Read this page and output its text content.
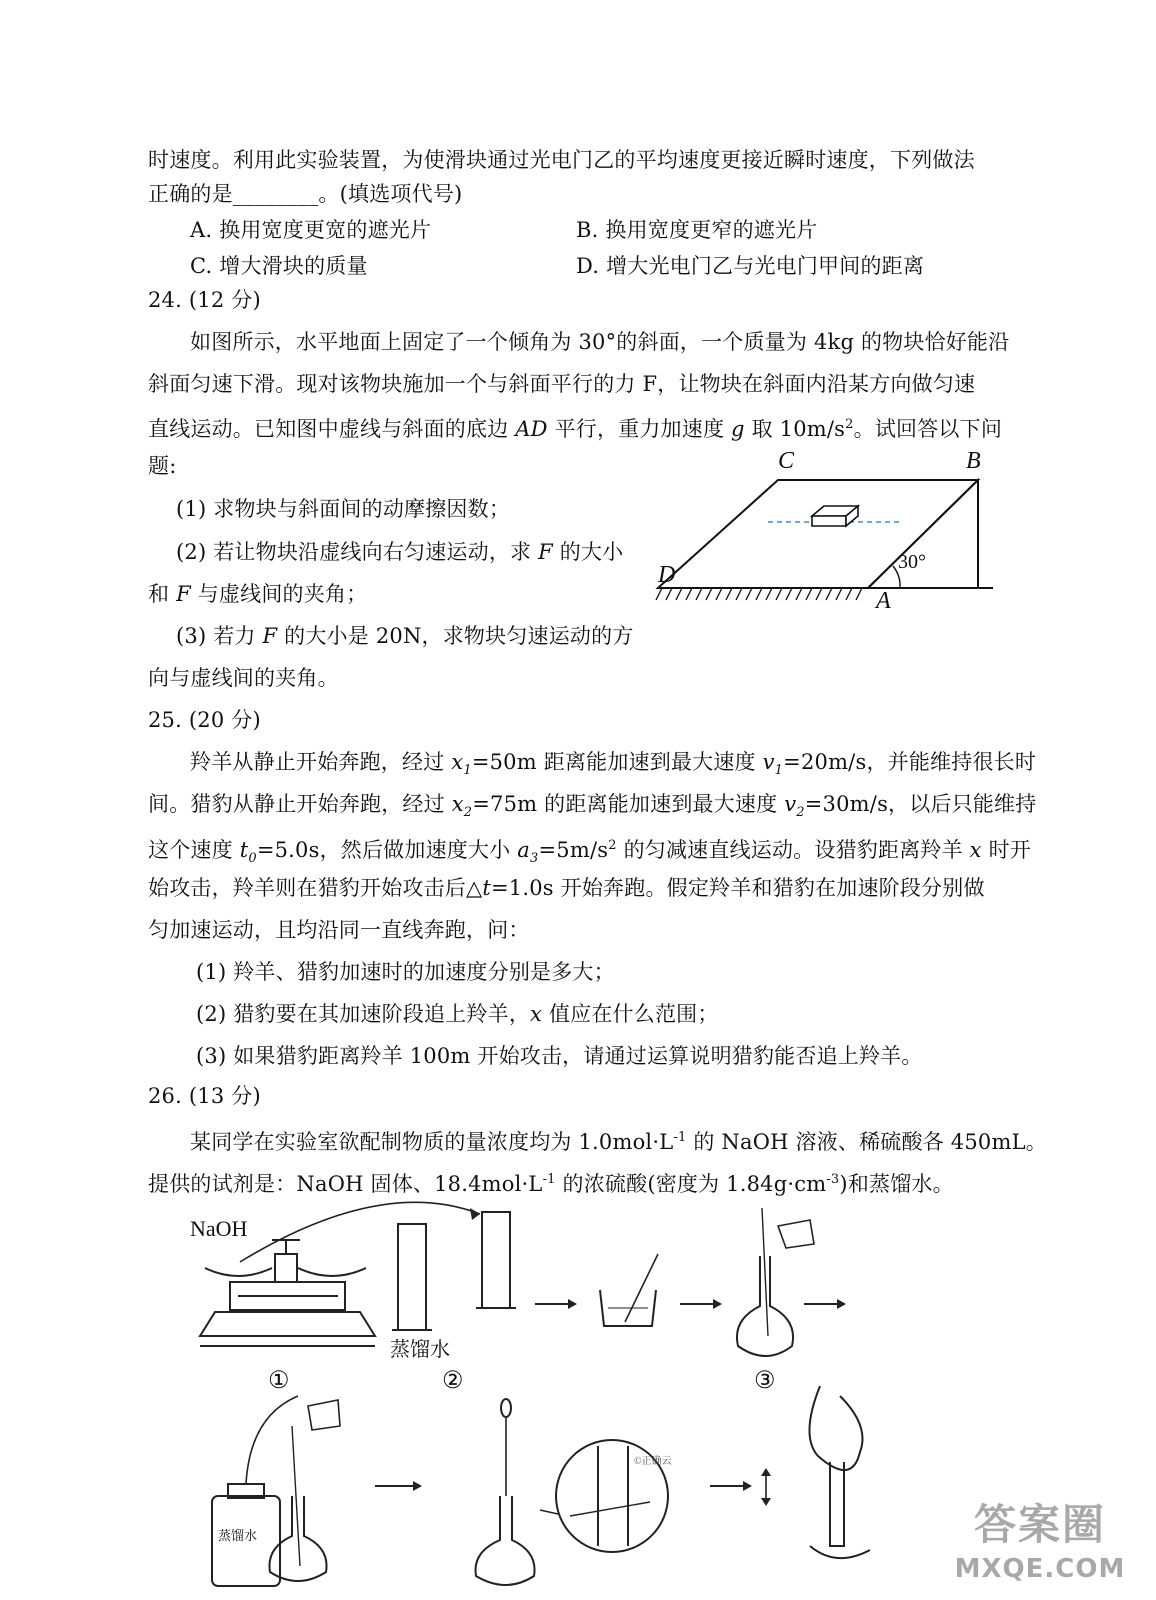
时速度。利用此实验装置，为使滑块通过光电门乙的平均速度更接近瞬时速度，下列做法
正确的是________。(填选项代号)
A. 换用宽度更宽的遮光片	B. 换用宽度更窄的遮光片
C. 增大滑块的质量	D. 增大光电门乙与光电门甲间的距离
24. (12 分)
如图所示，水平地面上固定了一个倾角为 30°的斜面，一个质量为 4kg 的物块恰好能沿
斜面匀速下滑。现对该物块施加一个与斜面平行的力 F，让物块在斜面内沿某方向做匀速
直线运动。已知图中虚线与斜面的底边 AD 平行，重力加速度 g 取 $10m/s^2$。试回答以下问
题:
(1) 求物块与斜面间的动摩擦因数；
(2) 若让物块沿虚线向右匀速运动，求 F 的大小
和 F 与虚线间的夹角；
(3) 若力 F 的大小是 20N，求物块匀速运动的方
向与虚线间的夹角。
30°
C	B
D
A
25. (20 分)
羚羊从静止开始奔跑，经过 $x_1=50m$ 距离能加速到最大速度 $v_1=20m/s$，并能维持很长时
间。猎豹从静止开始奔跑，经过 $x_2=75m$ 的距离能加速到最大速度 $v_2=30m/s$，以后只能维持
这个速度 $t_0=5.0s$，然后做加速度大小 $a_3=5m/s^2$ 的匀减速直线运动。设猎豹距离羚羊 x 时开
始攻击，羚羊则在猎豹开始攻击后△t=1.0s 开始奔跑。假定羚羊和猎豹在加速阶段分别做
匀加速运动，且均沿同一直线奔跑，问：
(1) 羚羊、猎豹加速时的加速度分别是多大；
(2) 猎豹要在其加速阶段追上羚羊，x 值应在什么范围；
(3) 如果猎豹距离羚羊 100m 开始攻击，请通过运算说明猎豹能否追上羚羊。
26. (13 分)
某同学在实验室欲配制物质的量浓度均为 $1.0mol\cdot L^{-1}$ 的 NaOH 溶液、稀硫酸各 450mL。
提供的试剂是：NaOH 固体、$18.4mol\cdot L^{-1}$ 的浓硫酸(密度为 $1.84g\cdot cm^{-3}$)和蒸馏水。
NaOH
蒸馏水
蒸馏水
①	②	③
©正确云
答案圈
MXQE.COM
